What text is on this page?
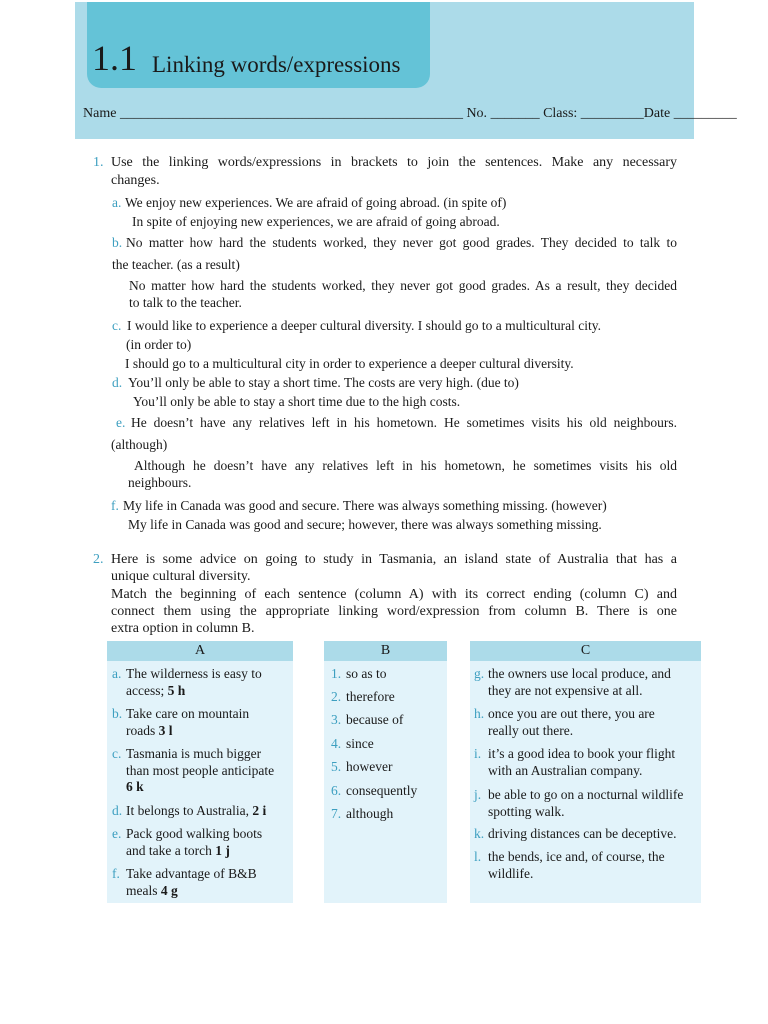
1.1 Linking words/expressions
Name _________________________________________________ No. _______ Class: _________Date _________
1. Use the linking words/expressions in brackets to join the sentences. Make any necessary
changes.
a. We enjoy new experiences. We are afraid of going abroad. (in spite of)
In spite of enjoying new experiences, we are afraid of going abroad.
b. No matter how hard the students worked, they never got good grades. They decided to talk to
the teacher. (as a result)
No matter how hard the students worked, they never got good grades. As a result, they decided
to talk to the teacher.
c. I would like to experience a deeper cultural diversity. I should go to a multicultural city.
(in order to)
I should go to a multicultural city in order to experience a deeper cultural diversity.
d. You’ll only be able to stay a short time. The costs are very high. (due to)
You’ll only be able to stay a short time due to the high costs.
e. He doesn’t have any relatives left in his hometown. He sometimes visits his old neighbours.
(although)
Although he doesn’t have any relatives left in his hometown, he sometimes visits his old
neighbours.
f. My life in Canada was good and secure. There was always something missing. (however)
My life in Canada was good and secure; however, there was always something missing.
2. Here is some advice on going to study in Tasmania, an island state of Australia that has a
unique cultural diversity.
Match the beginning of each sentence (column A) with its correct ending (column C) and
connect them using the appropriate linking word/expression from column B. There is one
extra option in column B.
A	B	C
a. The wilderness is easy to
access; 5 h
b. Take care on mountain
roads 3 l
c. Tasmania is much bigger
than most people anticipate
6 k
d. It belongs to Australia, 2 i
e. Pack good walking boots
and take a torch 1 j
f. Take advantage of B&B
meals 4 g
1. so as to
2. therefore
3. because of
4. since
5. however
6. consequently
7. although
g. the owners use local produce, and
they are not expensive at all.
h. once you are out there, you are
really out there.
i. it’s a good idea to book your flight
with an Australian company.
j. be able to go on a nocturnal wildlife
spotting walk.
k. driving distances can be deceptive.
l. the bends, ice and, of course, the
wildlife.
